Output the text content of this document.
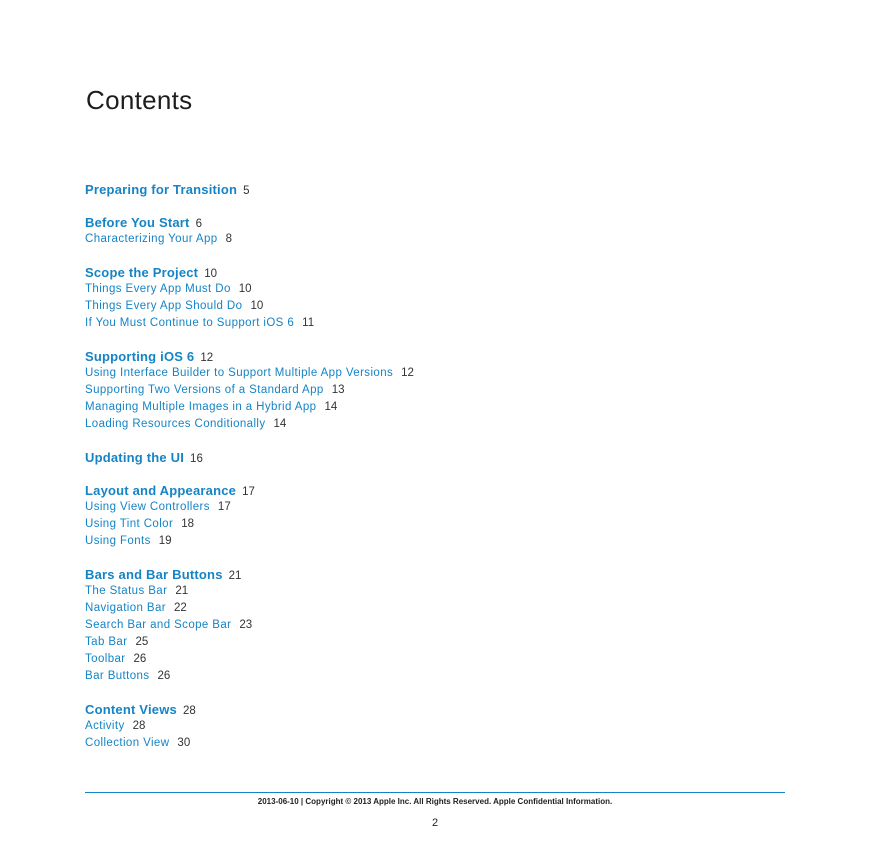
Contents
Preparing for Transition 5
Before You Start 6
Characterizing Your App 8
Scope the Project 10
Things Every App Must Do 10
Things Every App Should Do 10
If You Must Continue to Support iOS 6 11
Supporting iOS 6 12
Using Interface Builder to Support Multiple App Versions 12
Supporting Two Versions of a Standard App 13
Managing Multiple Images in a Hybrid App 14
Loading Resources Conditionally 14
Updating the UI 16
Layout and Appearance 17
Using View Controllers 17
Using Tint Color 18
Using Fonts 19
Bars and Bar Buttons 21
The Status Bar 21
Navigation Bar 22
Search Bar and Scope Bar 23
Tab Bar 25
Toolbar 26
Bar Buttons 26
Content Views 28
Activity 28
Collection View 30
2013-06-10 | Copyright © 2013 Apple Inc. All Rights Reserved. Apple Confidential Information.
2
